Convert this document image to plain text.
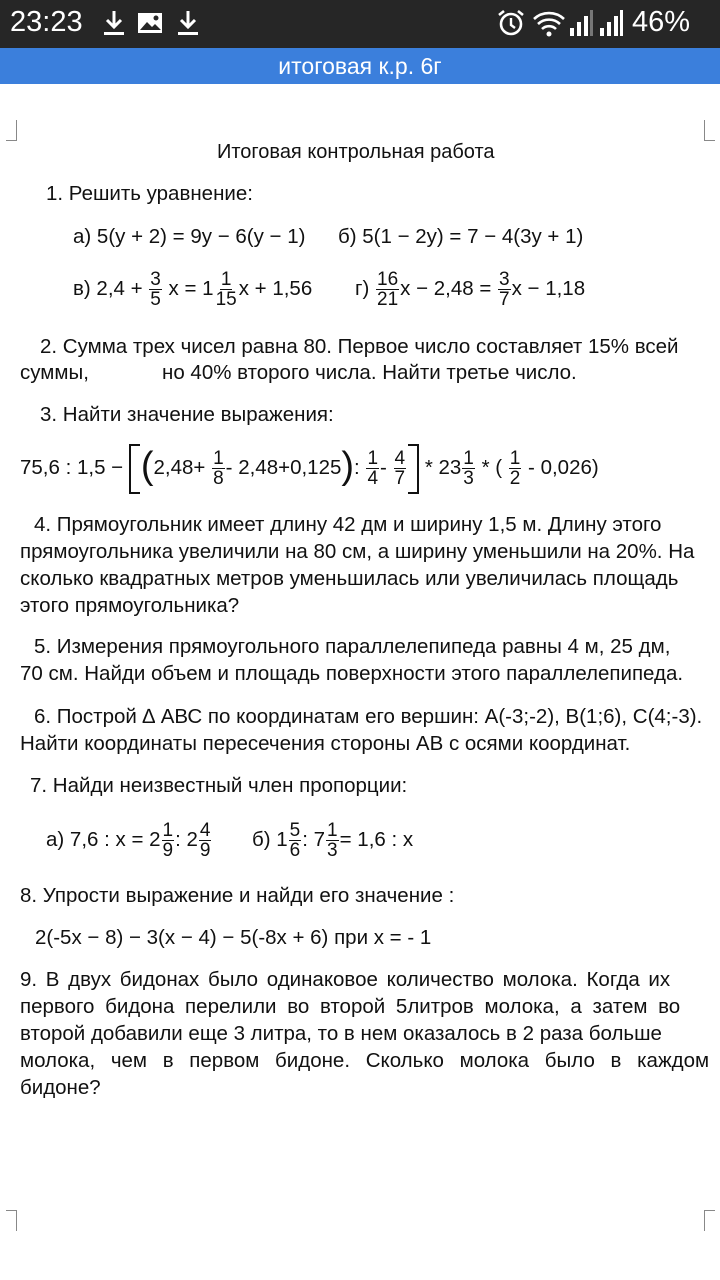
23:23	46%
итоговая к.р. 6г
Итоговая контрольная работа
1. Решить уравнение:
а) 5(у + 2) = 9у − 6(у − 1) б) 5(1 − 2у) = 7 − 4(3у + 1)
в) $2,4 + \frac{3}{5}$ $х = 1 \frac{1}{15}$ х + 1,56 $г) \frac{16}{21}$ $х - 2,48 = \frac{3}{7}$ х − 1,18
2. Сумма трех чисел равна 80. Первое число составляет 15% всей
суммы,	но 40% второго числа. Найти третье число.
3. Найти значение выражения:
75,6 : $1,5 - (2,48+ \frac{1}{8} - 2,48+0,125)$: $\frac{1}{4} - \frac{4}{7} * 23 \frac{1}{3}$ * ( $\frac{1}{2} - 0,026$)
4. Прямоугольник имеет длину 42 дм и ширину 1,5 м. Длину этого
прямоугольника увеличили на 80 см, а ширину уменьшили на 20%. На
сколько квадратных метров уменьшилась или увеличилась площадь
этого прямоугольника?
5. Измерения прямоугольного параллелепипеда равны 4 м, 25 дм,
70 см. Найди объем и площадь поверхности этого параллелепипеда.
6. Построй ∆ АВС по координатам его вершин: А(-3;-2), В(1;6), С(4;-3).
Найти координаты пересечения стороны АВ с осями координат.
7. Найди неизвестный член пропорции:
а) 7,6 : $х = 2 \frac{1}{9}$ : $2 \frac{4}{9} б$) $1 \frac{5}{6}$ : $7 \frac{1}{3} = 1,6$ : х
8. Упрости выражение и найди его значение :
2(-5х − 8) − 3(х − 4) − 5(-8х + 6) при х = - 1
9. В двух бидонах было одинаковое количество молока. Когда их
первого бидона перелили во второй 5литров молока, а затем во
второй добавили еще 3 литра, то в нем оказалось в 2 раза больше
молока, чем в первом бидоне. Сколько молока было в каждом
бидоне?
